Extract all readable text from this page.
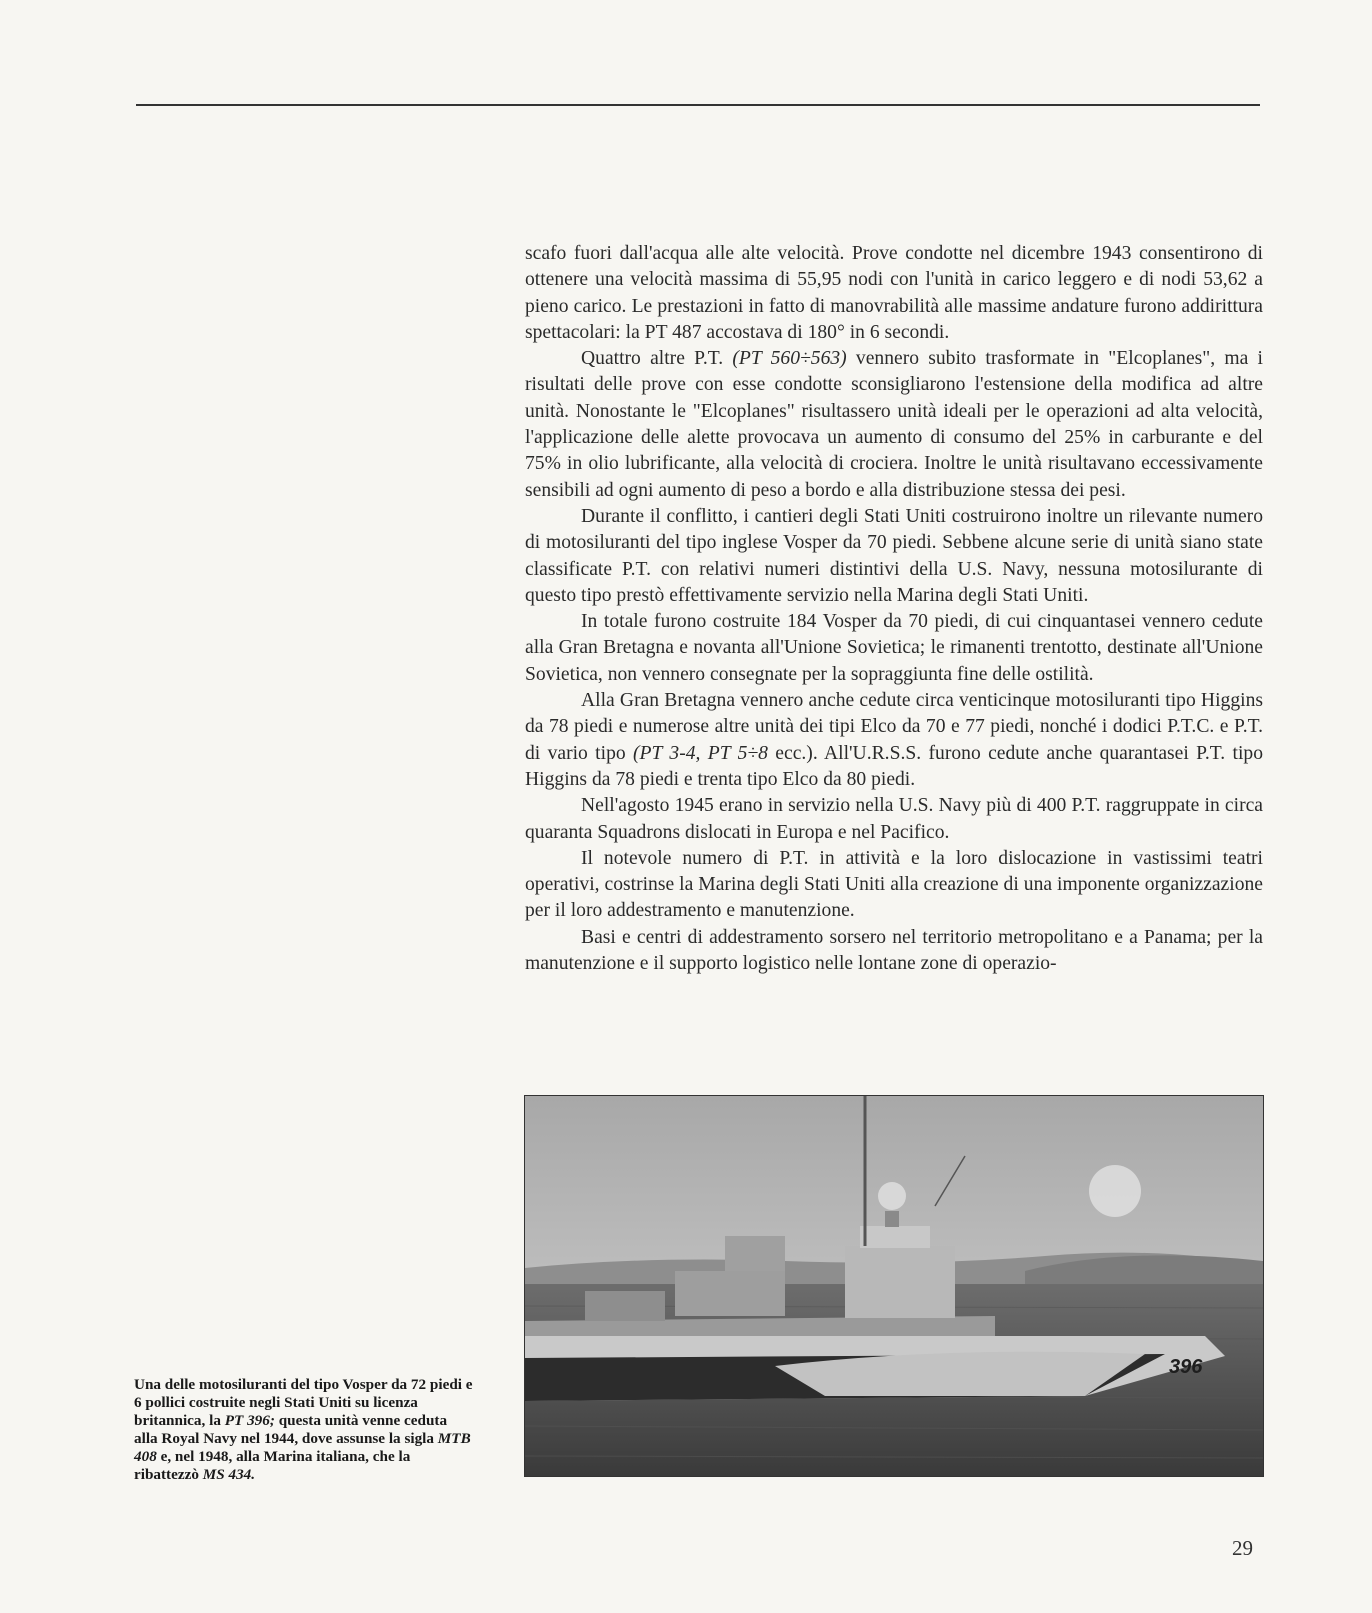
scafo fuori dall'acqua alle alte velocità. Prove condotte nel dicembre 1943 consentirono di ottenere una velocità massima di 55,95 nodi con l'unità in carico leggero e di nodi 53,62 a pieno carico. Le prestazioni in fatto di manovrabilità alle massime andature furono addirittura spettacolari: la PT 487 accostava di 180° in 6 secondi.

Quattro altre P.T. (PT 560÷563) vennero subito trasformate in "Elcoplanes", ma i risultati delle prove con esse condotte sconsigliarono l'estensione della modifica ad altre unità. Nonostante le "Elcoplanes" risultassero unità ideali per le operazioni ad alta velocità, l'applicazione delle alette provocava un aumento di consumo del 25% in carburante e del 75% in olio lubrificante, alla velocità di crociera. Inoltre le unità risultavano eccessivamente sensibili ad ogni aumento di peso a bordo e alla distribuzione stessa dei pesi.

Durante il conflitto, i cantieri degli Stati Uniti costruirono inoltre un rilevante numero di motosiluranti del tipo inglese Vosper da 70 piedi. Sebbene alcune serie di unità siano state classificate P.T. con relativi numeri distintivi della U.S. Navy, nessuna motosilurante di questo tipo prestò effettivamente servizio nella Marina degli Stati Uniti.

In totale furono costruite 184 Vosper da 70 piedi, di cui cinquantasei vennero cedute alla Gran Bretagna e novanta all'Unione Sovietica; le rimanenti trentotto, destinate all'Unione Sovietica, non vennero consegnate per la sopraggiunta fine delle ostilità.

Alla Gran Bretagna vennero anche cedute circa venticinque motosiluranti tipo Higgins da 78 piedi e numerose altre unità dei tipi Elco da 70 e 77 piedi, nonché i dodici P.T.C. e P.T. di vario tipo (PT 3-4, PT 5÷8 ecc.). All'U.R.S.S. furono cedute anche quarantasei P.T. tipo Higgins da 78 piedi e trenta tipo Elco da 80 piedi.

Nell'agosto 1945 erano in servizio nella U.S. Navy più di 400 P.T. raggruppate in circa quaranta Squadrons dislocati in Europa e nel Pacifico.

Il notevole numero di P.T. in attività e la loro dislocazione in vastissimi teatri operativi, costrinse la Marina degli Stati Uniti alla creazione di una imponente organizzazione per il loro addestramento e manutenzione.

Basi e centri di addestramento sorsero nel territorio metropolitano e a Panama; per la manutenzione e il supporto logistico nelle lontane zone di operazio-

396
Una delle motosiluranti del tipo Vosper da 72 piedi e 6 pollici costruite negli Stati Uniti su licenza britannica, la PT 396; questa unità venne ceduta alla Royal Navy nel 1944, dove assunse la sigla MTB 408 e, nel 1948, alla Marina italiana, che la ribattezzò MS 434.
29
